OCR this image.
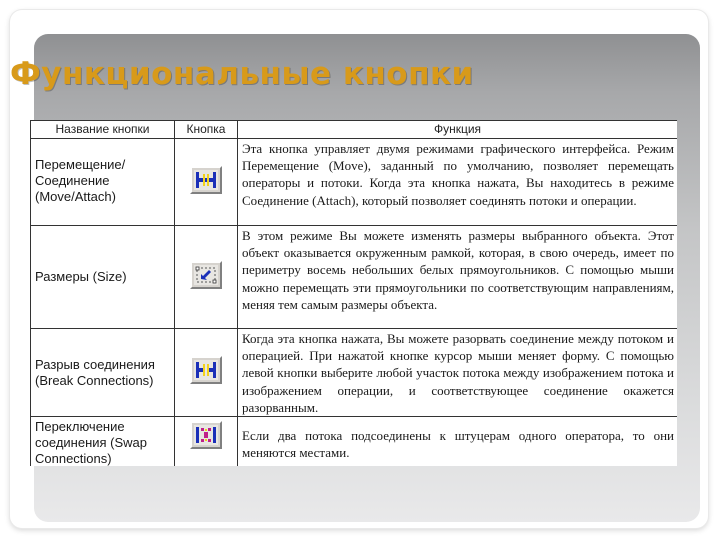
Функциональные кнопки
Название кнопки	Кнопка	Функция
Перемещение/ Соединение (Move/Attach)		Эта кнопка управляет двумя режимами графического интерфейса. Режим Перемещение (Move), заданный по умолчанию, позволяет перемещать операторы и потоки. Когда эта кнопка нажата, Вы находитесь в режиме Соединение (Attach), который позволяет соединять потоки и операции.
Размеры (Size)		В этом режиме Вы можете изменять размеры выбранного объекта. Этот объект оказывается окруженным рамкой, которая, в свою очередь, имеет по периметру восемь небольших белых прямоугольников. С помощью мыши можно перемещать эти прямоугольники по соответствующим направлениям, меняя тем самым размеры объекта.
Разрыв соединения (Break Connections)		Когда эта кнопка нажата, Вы можете разорвать соединение между потоком и операцией. При нажатой кнопке курсор мыши меняет форму. С помощью левой кнопки выберите любой участок потока между изображением потока и изображением операции, и соответствующее соединение окажется разорванным.
Переключение соединения (Swap Connections)		Если два потока подсоединены к штуцерам одного оператора, то они меняются местами.
